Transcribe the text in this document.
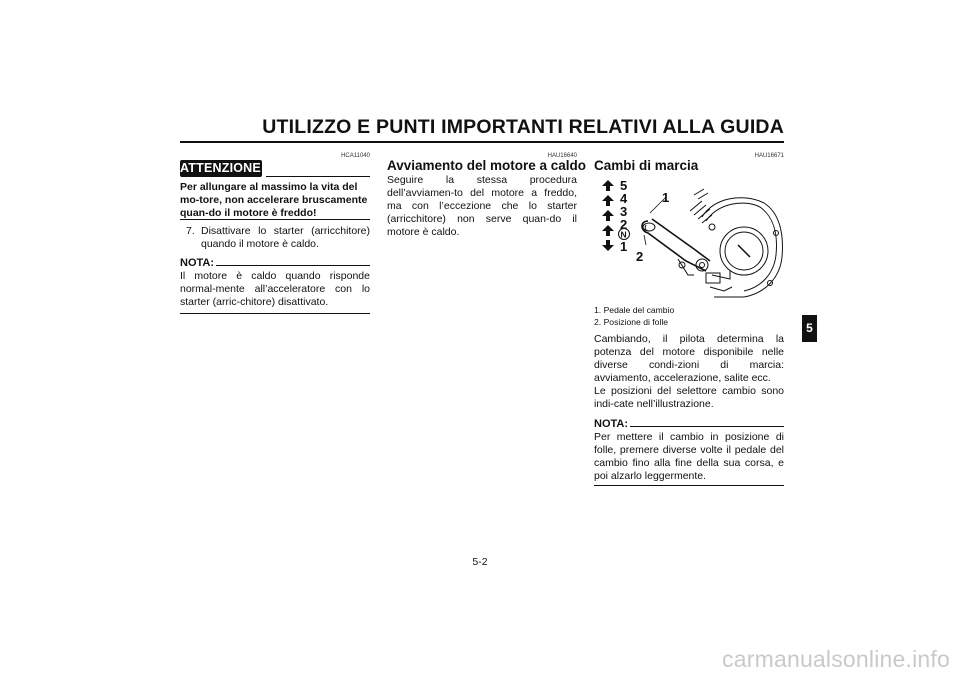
UTILIZZO E PUNTI IMPORTANTI RELATIVI ALLA GUIDA
HCA11040
ATTENZIONE:
Per allungare al massimo la vita del mo-tore, non accelerare bruscamente quan-do il motore è freddo!
7. Disattivare lo starter (arricchitore) quando il motore è caldo.
NOTA:
Il motore è caldo quando risponde normal-mente all’acceleratore con lo starter (arric-chitore) disattivato.
HAU16640
Avviamento del motore a caldo
Seguire la stessa procedura dell’avviamen-to del motore a freddo, ma con l’eccezione che lo starter (arricchitore) non serve quan-do il motore è caldo.
HAU16671
Cambi di marcia
5
4
3
2
N
1
1
2
1. Pedale del cambio
2. Posizione di folle
Cambiando, il pilota determina la potenza del motore disponibile nelle diverse condi-zioni di marcia: avviamento, accelerazione, salite ecc.
Le posizioni del selettore cambio sono indi-cate nell’illustrazione.
NOTA:
Per mettere il cambio in posizione di folle, premere diverse volte il pedale del cambio fino alla fine della sua corsa, e poi alzarlo leggermente.
5
5-2
carmanualsonline.info
